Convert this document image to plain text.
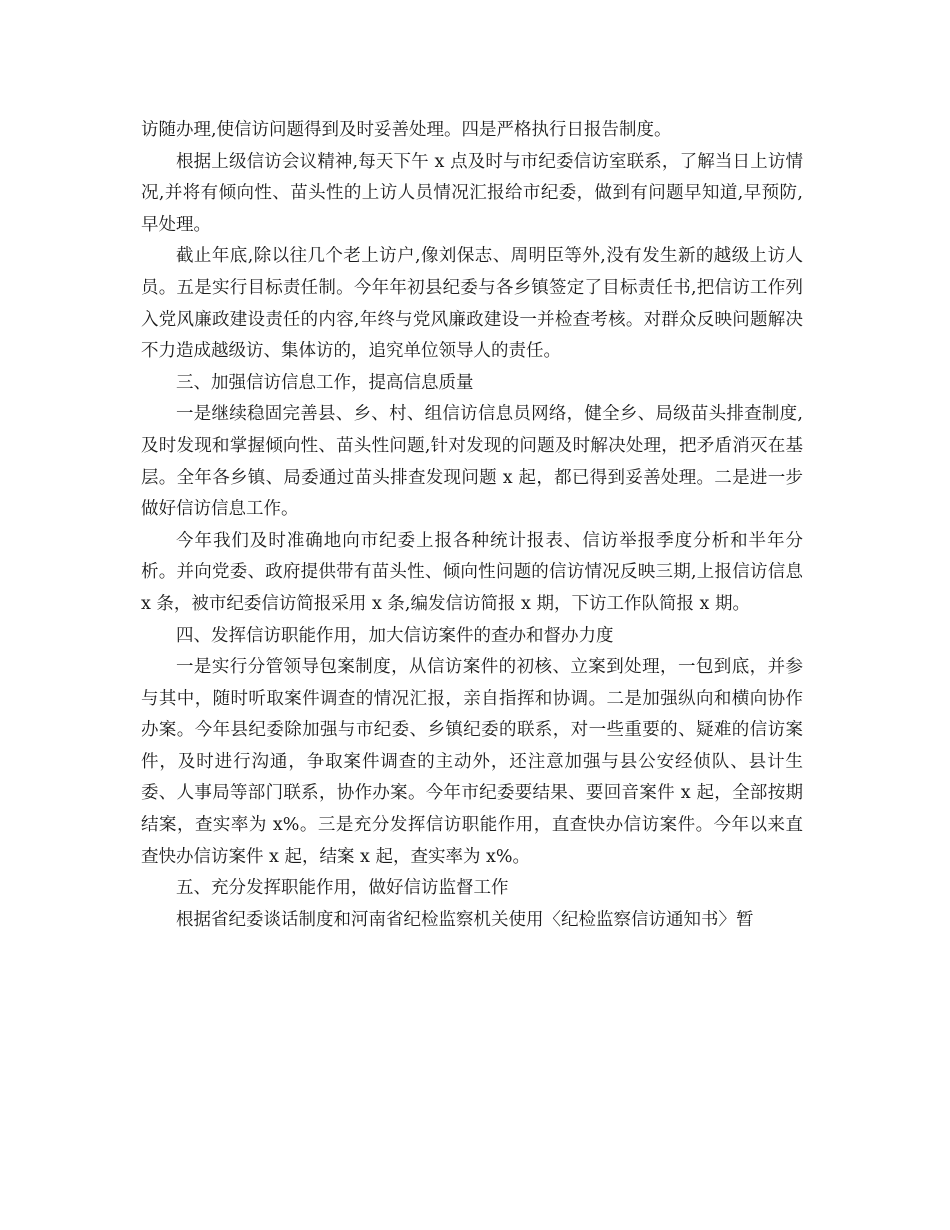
访随办理,使信访问题得到及时妥善处理。四是严格执行日报告制度。

根据上级信访会议精神,每天下午 x 点及时与市纪委信访室联系，了解当日上访情况,并将有倾向性、苗头性的上访人员情况汇报给市纪委，做到有问题早知道,早预防,早处理。

截止年底,除以往几个老上访户,像刘保志、周明臣等外,没有发生新的越级上访人员。五是实行目标责任制。今年年初县纪委与各乡镇签定了目标责任书,把信访工作列入党风廉政建设责任的内容,年终与党风廉政建设一并检查考核。对群众反映问题解决不力造成越级访、集体访的，追究单位领导人的责任。

三、加强信访信息工作，提高信息质量

一是继续稳固完善县、乡、村、组信访信息员网络，健全乡、局级苗头排查制度,及时发现和掌握倾向性、苗头性问题,针对发现的问题及时解决处理，把矛盾消灭在基层。全年各乡镇、局委通过苗头排查发现问题 x 起，都已得到妥善处理。二是进一步做好信访信息工作。

今年我们及时准确地向市纪委上报各种统计报表、信访举报季度分析和半年分析。并向党委、政府提供带有苗头性、倾向性问题的信访情况反映三期,上报信访信息 x 条，被市纪委信访简报采用 x 条,编发信访简报 x 期，下访工作队简报 x 期。

四、发挥信访职能作用，加大信访案件的查办和督办力度

一是实行分管领导包案制度，从信访案件的初核、立案到处理，一包到底，并参与其中，随时听取案件调查的情况汇报，亲自指挥和协调。二是加强纵向和横向协作办案。今年县纪委除加强与市纪委、乡镇纪委的联系，对一些重要的、疑难的信访案件，及时进行沟通，争取案件调查的主动外，还注意加强与县公安经侦队、县计生委、人事局等部门联系，协作办案。今年市纪委要结果、要回音案件 x 起，全部按期结案，查实率为 x%。三是充分发挥信访职能作用，直查快办信访案件。今年以来直查快办信访案件 x 起，结案 x 起，查实率为 x%。

五、充分发挥职能作用，做好信访监督工作

根据省纪委谈话制度和河南省纪检监察机关使用〈纪检监察信访通知书〉暂
